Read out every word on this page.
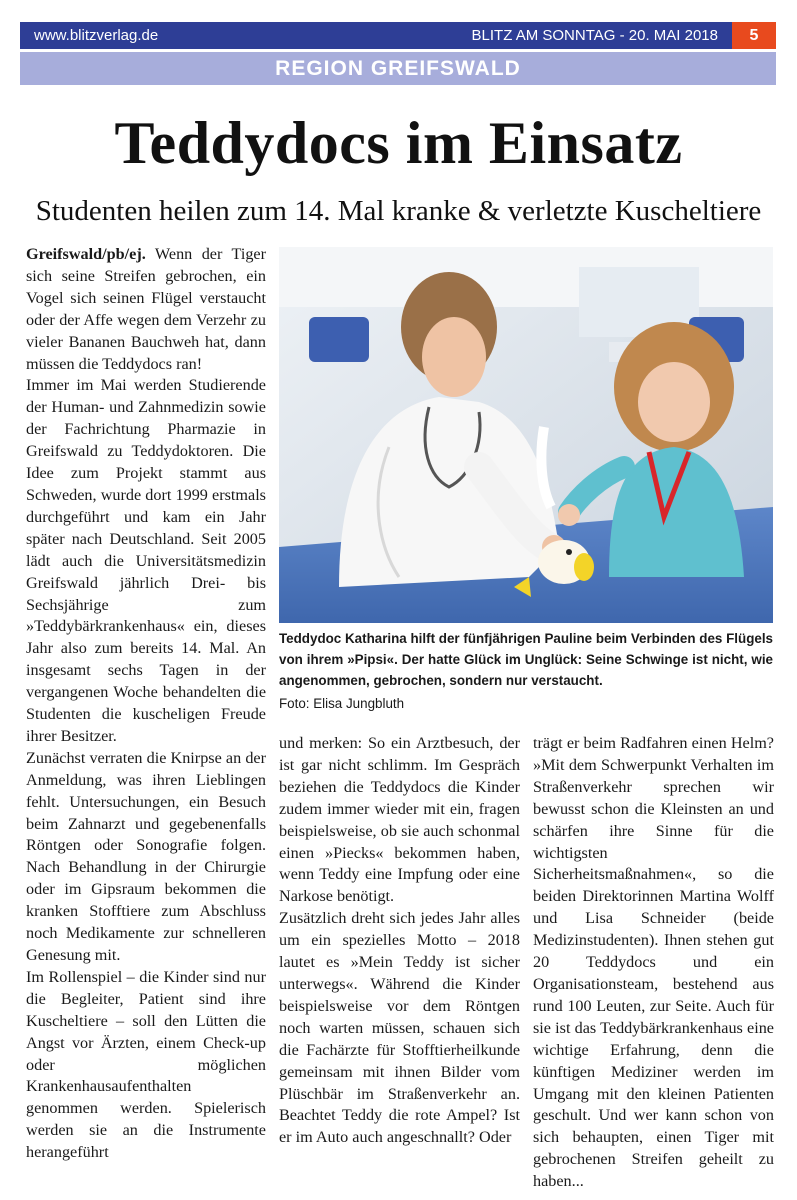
www.blitzverlag.de	BLITZ AM SONNTAG - 20. MAI 2018	5
REGION GREIFSWALD
Teddydocs im Einsatz
Studenten heilen zum 14. Mal kranke & verletzte Kuscheltiere

Greifswald/pb/ej. Wenn der Tiger sich seine Streifen gebrochen, ein Vogel sich seinen Flügel verstaucht oder der Affe wegen dem Verzehr zu vieler Bananen Bauchweh hat, dann müssen die Teddydocs ran!

Immer im Mai werden Studierende der Human- und Zahnmedizin sowie der Fachrichtung Pharmazie in Greifswald zu Teddydoktoren. Die Idee zum Projekt stammt aus Schweden, wurde dort 1999 erstmals durchgeführt und kam ein Jahr später nach Deutschland. Seit 2005 lädt auch die Universitätsmedizin Greifswald jährlich Drei- bis Sechsjährige zum »Teddybärkrankenhaus« ein, dieses Jahr also zum bereits 14. Mal. An insgesamt sechs Tagen in der vergangenen Woche behandelten die Studenten die kuscheligen Freude ihrer Besitzer.

Zunächst verraten die Knirpse an der Anmeldung, was ihren Lieblingen fehlt. Untersuchungen, ein Besuch beim Zahnarzt und gegebenenfalls Röntgen oder Sonografie folgen. Nach Behandlung in der Chirurgie oder im Gipsraum bekommen die kranken Stofftiere zum Abschluss noch Medikamente zur schnelleren Genesung mit.

Im Rollenspiel – die Kinder sind nur die Begleiter, Patient sind ihre Kuscheltiere – soll den Lütten die Angst vor Ärzten, einem Check-up oder möglichen Krankenhausaufenthalten genommen werden. Spielerisch werden sie an die Instrumente herangeführt

Teddydoc Katharina hilft der fünfjährigen Pauline beim Verbinden des Flügels von ihrem »Pipsi«. Der hatte Glück im Unglück: Seine Schwinge ist nicht, wie angenommen, gebrochen, sondern nur verstaucht.
Foto: Elisa Jungbluth

und merken: So ein Arztbesuch, der ist gar nicht schlimm. Im Gespräch beziehen die Teddydocs die Kinder zudem immer wieder mit ein, fragen beispielsweise, ob sie auch schonmal einen »Piecks« bekommen haben, wenn Teddy eine Impfung oder eine Narkose benötigt.

Zusätzlich dreht sich jedes Jahr alles um ein spezielles Motto – 2018 lautet es »Mein Teddy ist sicher unterwegs«. Während die Kinder beispielsweise vor dem Röntgen noch warten müssen, schauen sich die Fachärzte für Stofftierheilkunde gemeinsam mit ihnen Bilder vom Plüschbär im Straßenverkehr an. Beachtet Teddy die rote Ampel? Ist er im Auto auch angeschnallt? Oder

trägt er beim Radfahren einen Helm? »Mit dem Schwerpunkt Verhalten im Straßenverkehr sprechen wir bewusst schon die Kleinsten an und schärfen ihre Sinne für die wichtigsten Sicherheitsmaßnahmen«, so die beiden Direktorinnen Martina Wolff und Lisa Schneider (beide Medizinstudenten). Ihnen stehen gut 20 Teddydocs und ein Organisationsteam, bestehend aus rund 100 Leuten, zur Seite. Auch für sie ist das Teddybärkrankenhaus eine wichtige Erfahrung, denn die künftigen Mediziner werden im Umgang mit den kleinen Patienten geschult. Und wer kann schon von sich behaupten, einen Tiger mit gebrochenen Streifen geheilt zu haben...
